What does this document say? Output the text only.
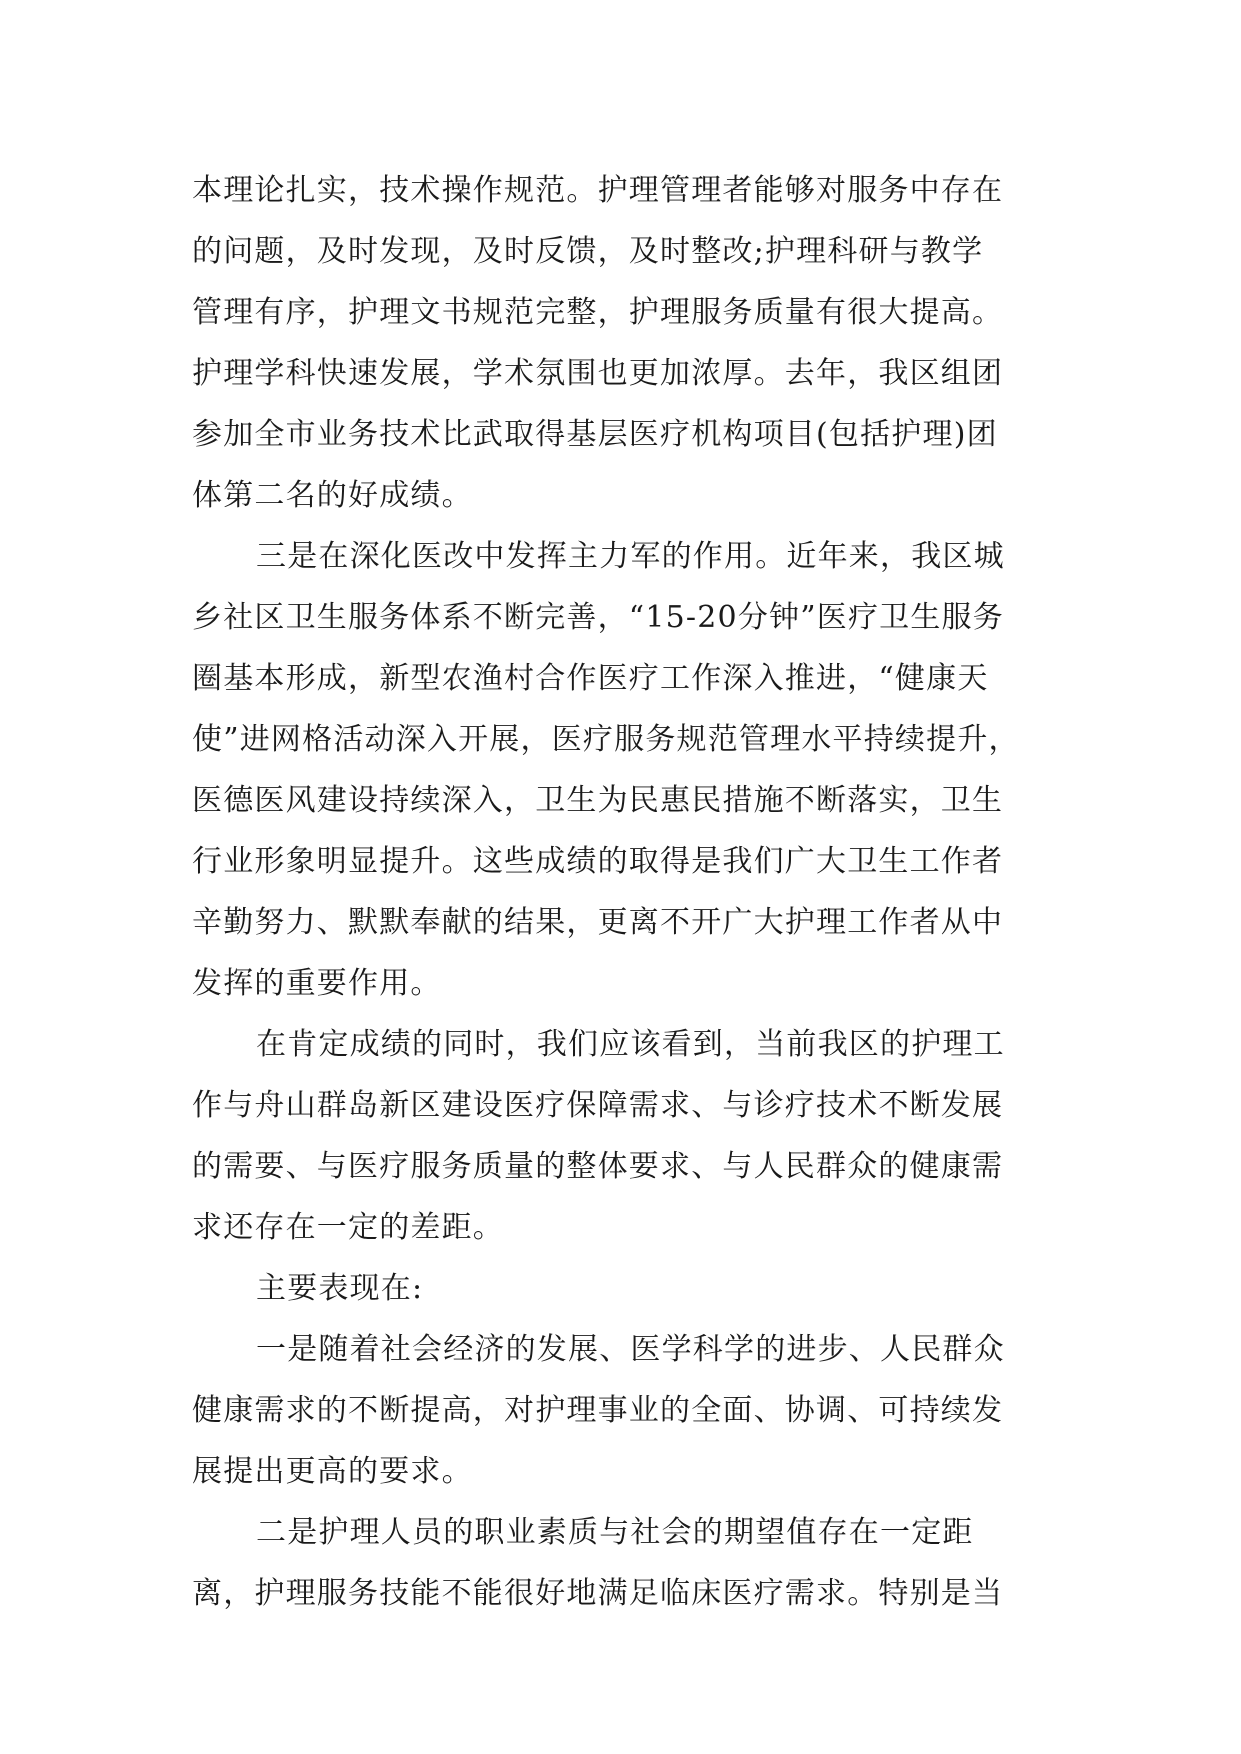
本理论扎实，技术操作规范。护理管理者能够对服务中存在
的问题，及时发现，及时反馈，及时整改;护理科研与教学
管理有序，护理文书规范完整，护理服务质量有很大提高。
护理学科快速发展，学术氛围也更加浓厚。去年，我区组团
参加全市业务技术比武取得基层医疗机构项目(包括护理)团
体第二名的好成绩。
三是在深化医改中发挥主力军的作用。近年来，我区城
乡社区卫生服务体系不断完善，“15-20分钟”医疗卫生服务
圈基本形成，新型农渔村合作医疗工作深入推进，“健康天
使”进网格活动深入开展，医疗服务规范管理水平持续提升，
医德医风建设持续深入，卫生为民惠民措施不断落实，卫生
行业形象明显提升。这些成绩的取得是我们广大卫生工作者
辛勤努力、默默奉献的结果，更离不开广大护理工作者从中
发挥的重要作用。
在肯定成绩的同时，我们应该看到，当前我区的护理工
作与舟山群岛新区建设医疗保障需求、与诊疗技术不断发展
的需要、与医疗服务质量的整体要求、与人民群众的健康需
求还存在一定的差距。
主要表现在:
一是随着社会经济的发展、医学科学的进步、人民群众
健康需求的不断提高，对护理事业的全面、协调、可持续发
展提出更高的要求。
二是护理人员的职业素质与社会的期望值存在一定距
离，护理服务技能不能很好地满足临床医疗需求。特别是当
